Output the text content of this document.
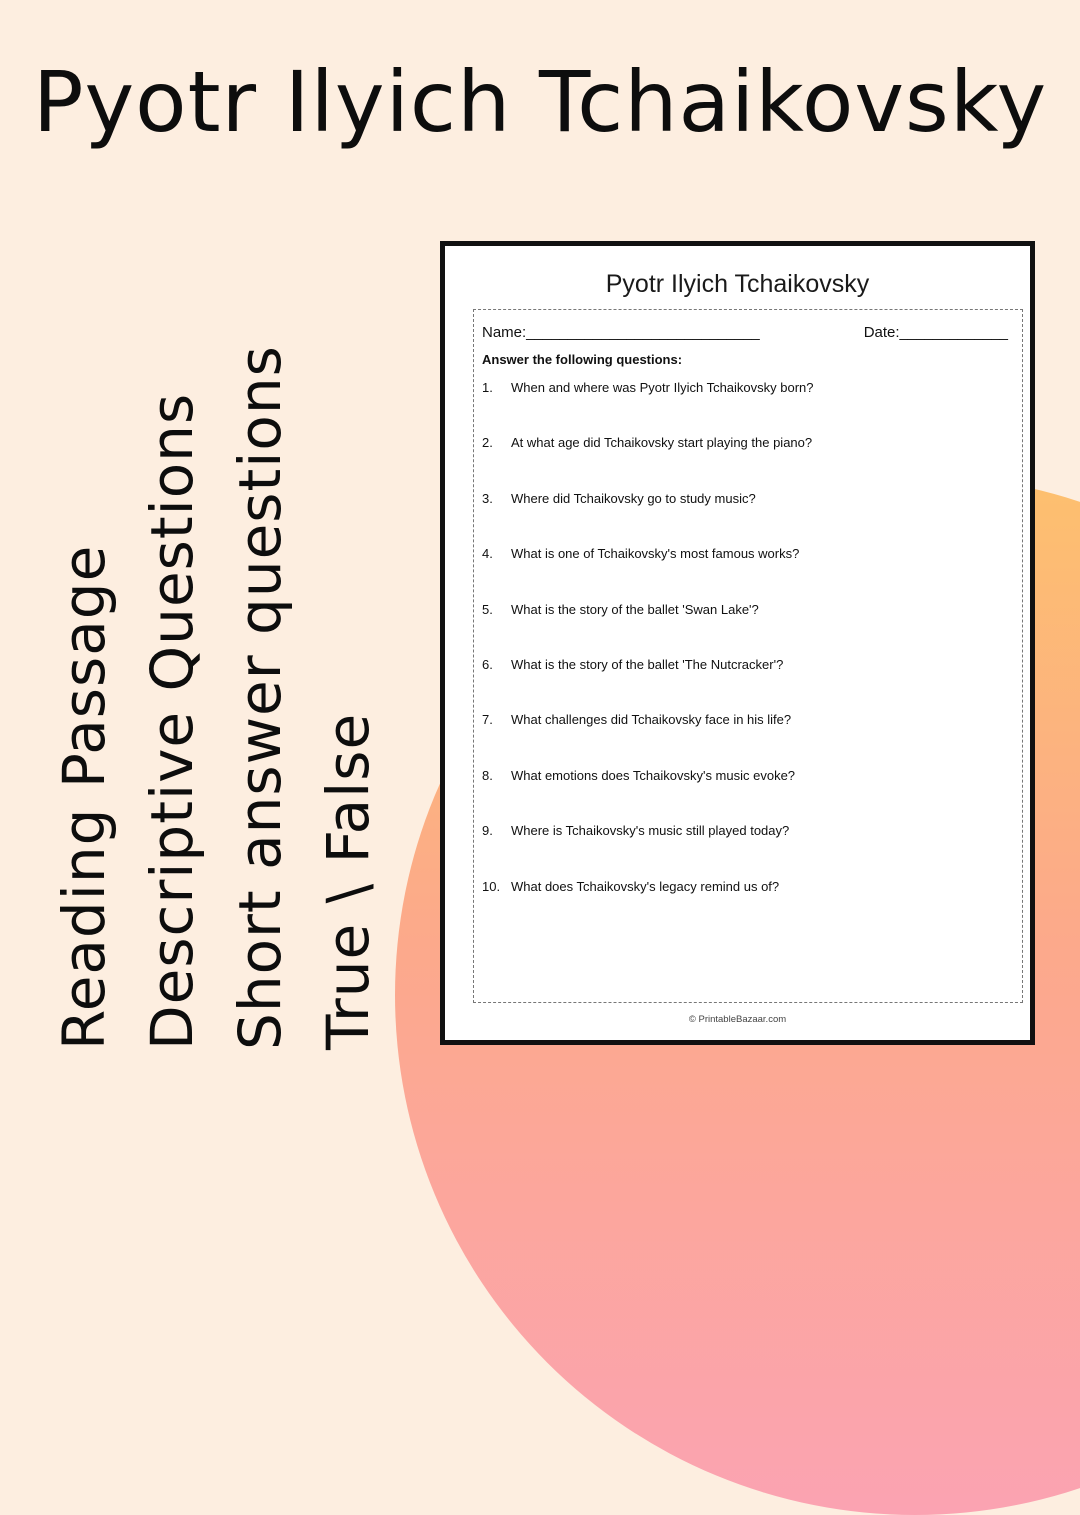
Pyotr Ilyich Tchaikovsky
Reading Passage Descriptive Questions Short answer questions True \ False
Pyotr Ilyich Tchaikovsky
Name:____________________________	Date:_____________
Answer the following questions:
1. When and where was Pyotr Ilyich Tchaikovsky born?
2. At what age did Tchaikovsky start playing the piano?
3. Where did Tchaikovsky go to study music?
4. What is one of Tchaikovsky's most famous works?
5. What is the story of the ballet 'Swan Lake'?
6. What is the story of the ballet 'The Nutcracker'?
7. What challenges did Tchaikovsky face in his life?
8. What emotions does Tchaikovsky's music evoke?
9. Where is Tchaikovsky's music still played today?
10. What does Tchaikovsky's legacy remind us of?
© PrintableBazaar.com
